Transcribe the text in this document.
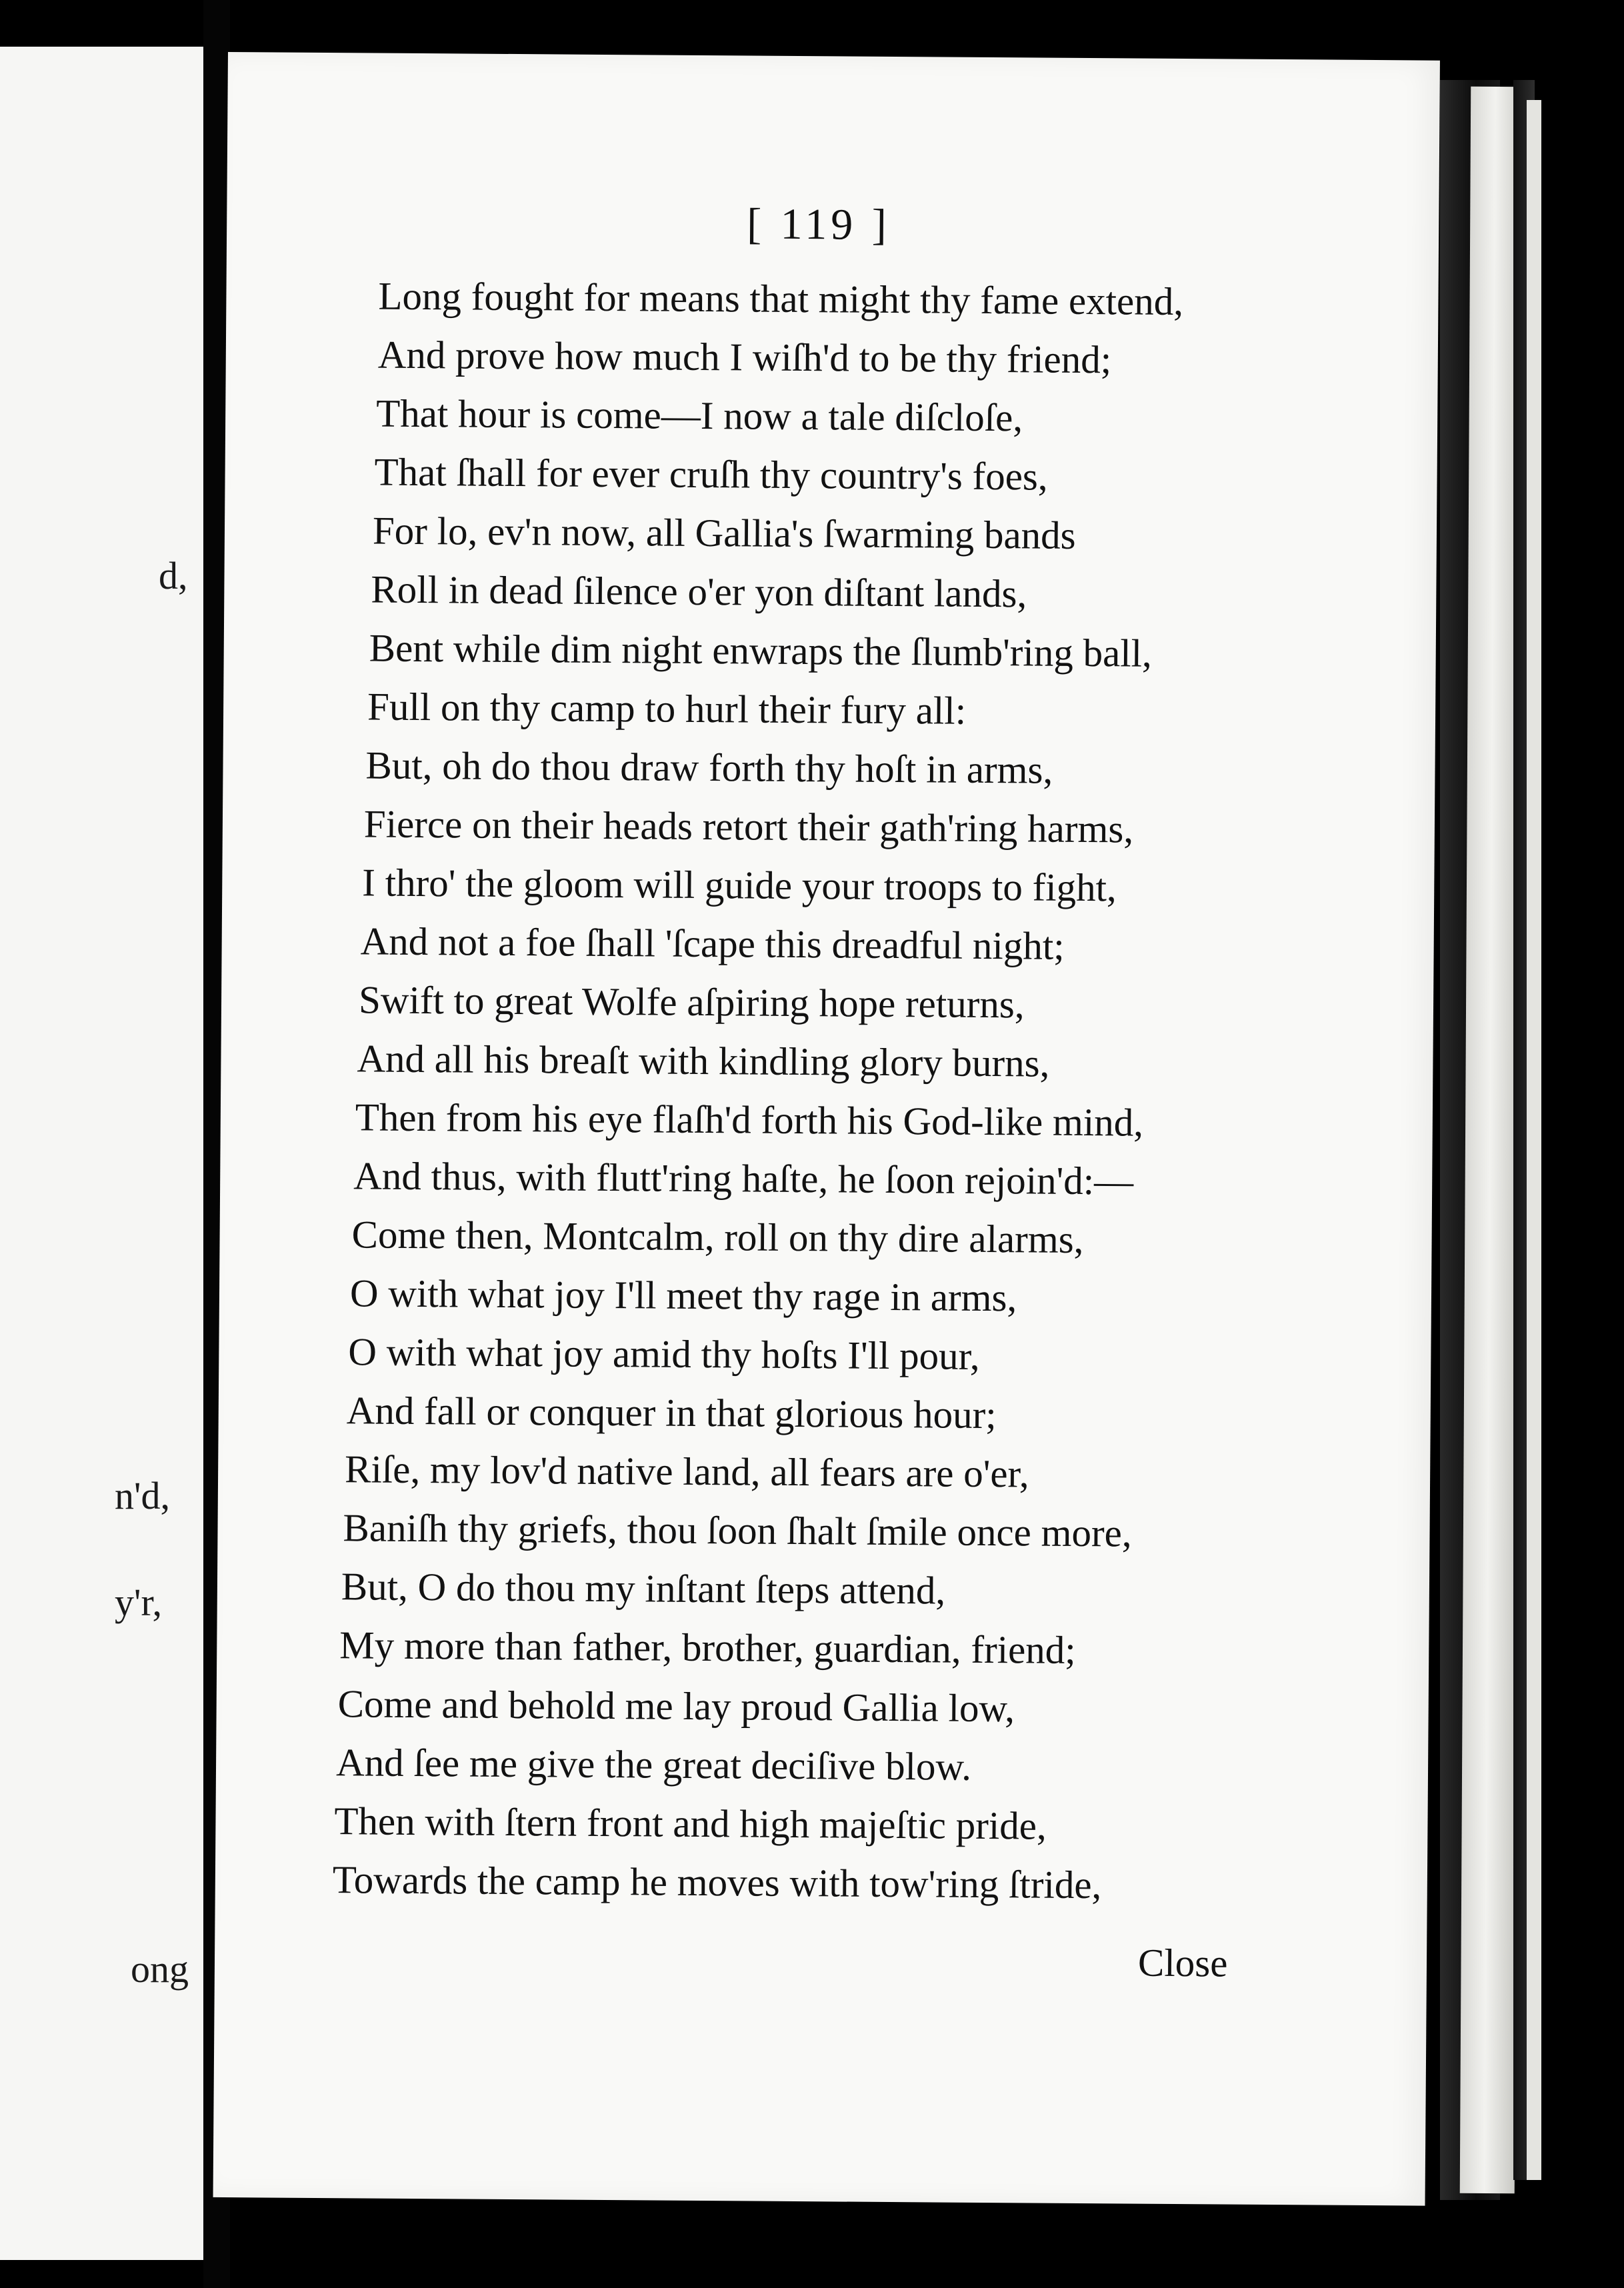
d,
n'd,
y'r,
ong
[ 119 ]
Long fought for means that might thy fame extend,
And prove how much I wiſh'd to be thy friend;
That hour is come—I now a tale diſcloſe,
That ſhall for ever cruſh thy country's foes,
For lo, ev'n now, all Gallia's ſwarming bands
Roll in dead ſilence o'er yon diſtant lands,
Bent while dim night enwraps the ſlumb'ring ball,
Full on thy camp to hurl their fury all:
But, oh do thou draw forth thy hoſt in arms,
Fierce on their heads retort their gath'ring harms,
I thro' the gloom will guide your troops to fight,
And not a foe ſhall 'ſcape this dreadful night;
Swift to great Wolfe aſpiring hope returns,
And all his breaſt with kindling glory burns,
Then from his eye flaſh'd forth his God-like mind,
And thus, with flutt'ring haſte, he ſoon rejoin'd:—
Come then, Montcalm, roll on thy dire alarms,
O with what joy I'll meet thy rage in arms,
O with what joy amid thy hoſts I'll pour,
And fall or conquer in that glorious hour;
Riſe, my lov'd native land, all fears are o'er,
Baniſh thy griefs, thou ſoon ſhalt ſmile once more,
But, O do thou my inſtant ſteps attend,
My more than father, brother, guardian, friend;
Come and behold me lay proud Gallia low,
And ſee me give the great deciſive blow.
Then with ſtern front and high majeſtic pride,
Towards the camp he moves with tow'ring ſtride,
Close
